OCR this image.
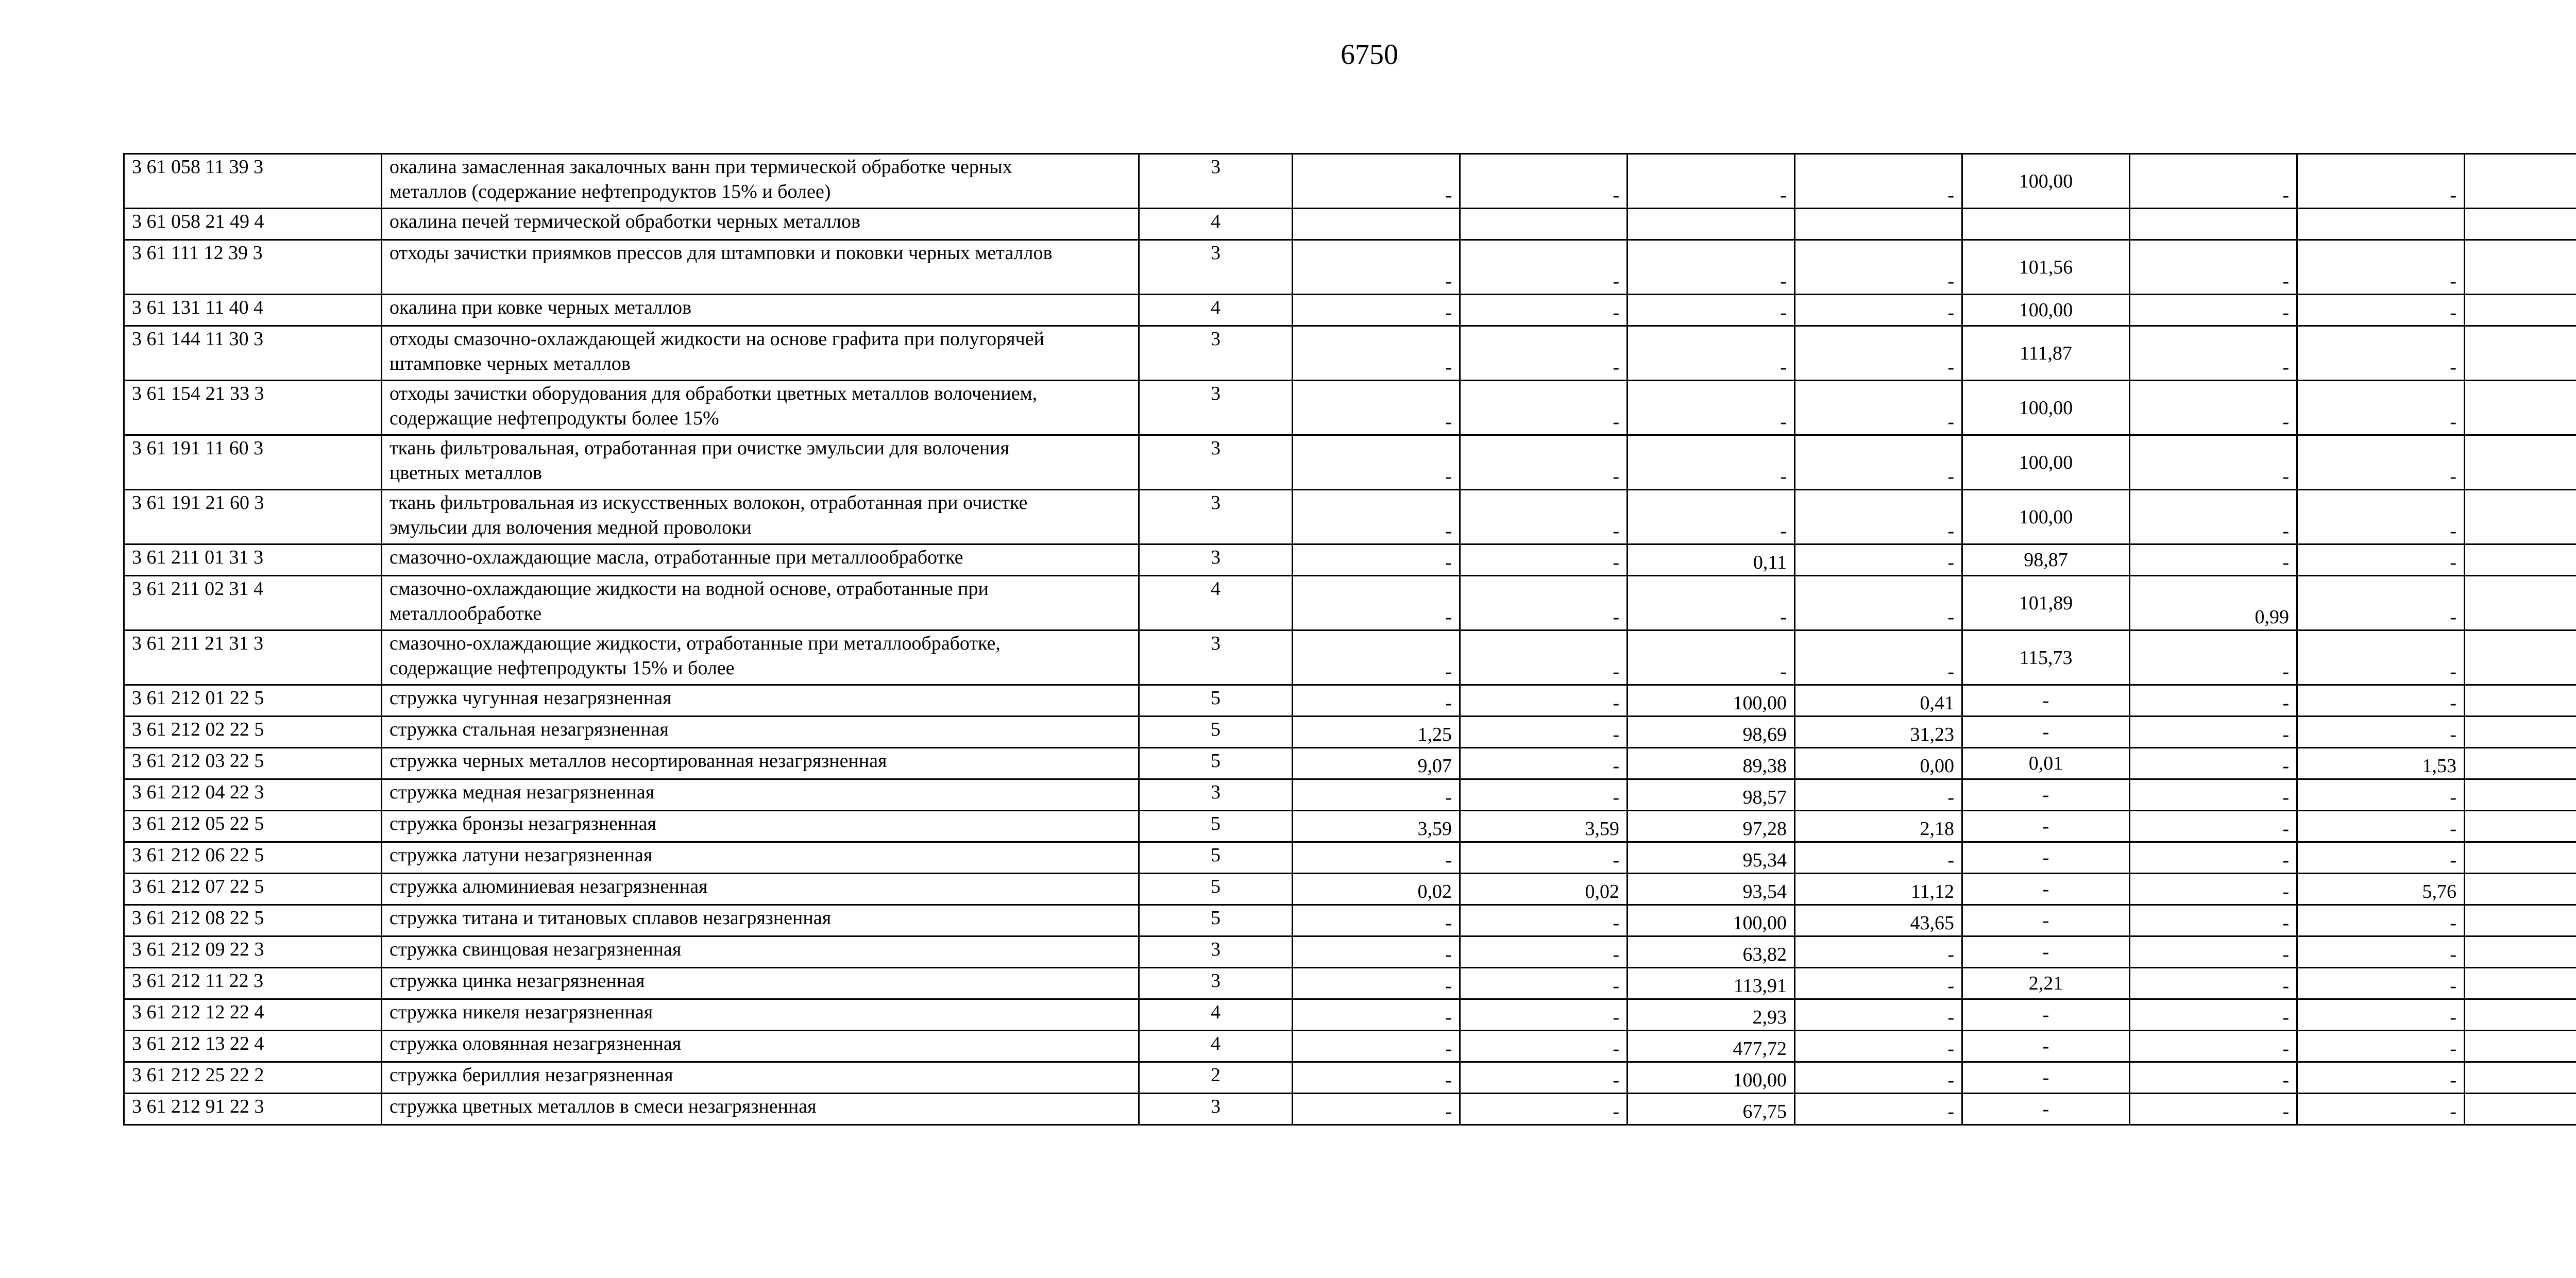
6750
3 61 058 11 39 3	окалина замасленная закалочных ванн при термической обработке черных
металлов (содержание нефтепродуктов 15% и более)	3	-	-	-	-	100,00	-	-	
3 61 058 21 49 4	окалина печей термической обработки черных металлов	4								
3 61 111 12 39 3	отходы зачистки приямков прессов для штамповки и поковки черных металлов	3	-	-	-	-	101,56	-	-	
3 61 131 11 40 4	окалина при ковке черных металлов	4	-	-	-	-	100,00	-	-	
3 61 144 11 30 3	отходы смазочно-охлаждающей жидкости на основе графита при полугорячей
штамповке черных металлов	3	-	-	-	-	111,87	-	-	
3 61 154 21 33 3	отходы зачистки оборудования для обработки цветных металлов волочением,
содержащие нефтепродукты более 15%	3	-	-	-	-	100,00	-	-	
3 61 191 11 60 3	ткань фильтровальная, отработанная при очистке эмульсии для волочения
цветных металлов	3	-	-	-	-	100,00	-	-	
3 61 191 21 60 3	ткань фильтровальная из искусственных волокон, отработанная при очистке
эмульсии для волочения медной проволоки	3	-	-	-	-	100,00	-	-	
3 61 211 01 31 3	смазочно-охлаждающие масла, отработанные при металлообработке	3	-	-	0,11	-	98,87	-	-	
3 61 211 02 31 4	смазочно-охлаждающие жидкости на водной основе, отработанные при
металлообработке	4	-	-	-	-	101,89	0,99	-	
3 61 211 21 31 3	смазочно-охлаждающие жидкости, отработанные при металлообработке,
содержащие нефтепродукты 15% и более	3	-	-	-	-	115,73	-	-	
3 61 212 01 22 5	стружка чугунная незагрязненная	5	-	-	100,00	0,41	-	-	-	
3 61 212 02 22 5	стружка стальная незагрязненная	5	1,25	-	98,69	31,23	-	-	-	
3 61 212 03 22 5	стружка черных металлов несортированная незагрязненная	5	9,07	-	89,38	0,00	0,01	-	1,53	
3 61 212 04 22 3	стружка медная незагрязненная	3	-	-	98,57	-	-	-	-	
3 61 212 05 22 5	стружка бронзы незагрязненная	5	3,59	3,59	97,28	2,18	-	-	-	
3 61 212 06 22 5	стружка латуни незагрязненная	5	-	-	95,34	-	-	-	-	
3 61 212 07 22 5	стружка алюминиевая незагрязненная	5	0,02	0,02	93,54	11,12	-	-	5,76	
3 61 212 08 22 5	стружка титана и титановых сплавов незагрязненная	5	-	-	100,00	43,65	-	-	-	
3 61 212 09 22 3	стружка свинцовая незагрязненная	3	-	-	63,82	-	-	-	-	
3 61 212 11 22 3	стружка цинка незагрязненная	3	-	-	113,91	-	2,21	-	-	
3 61 212 12 22 4	стружка никеля незагрязненная	4	-	-	2,93	-	-	-	-	
3 61 212 13 22 4	стружка оловянная незагрязненная	4	-	-	477,72	-	-	-	-	
3 61 212 25 22 2	стружка бериллия незагрязненная	2	-	-	100,00	-	-	-	-	
3 61 212 91 22 3	стружка цветных металлов в смеси незагрязненная	3	-	-	67,75	-	-	-	-	
